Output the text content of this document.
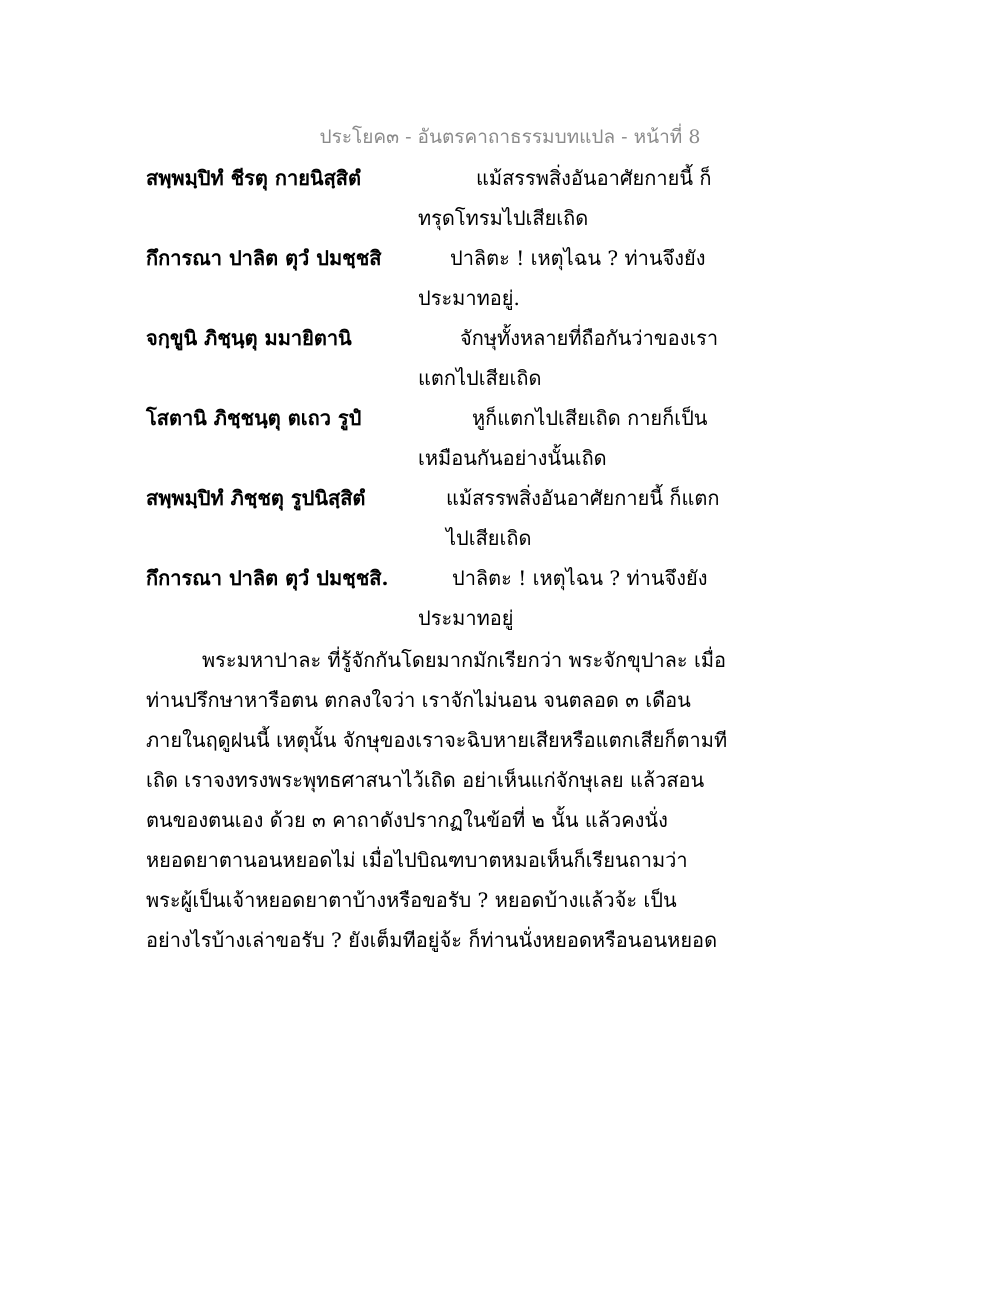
ประโยค๓ - อันตรคาถาธรรมบทแปล - หน้าที่ 8
สพฺพมฺปิทํ ชีรตุ กายนิสฺสิตํ	แม้สรรพสิ่งอันอาศัยกายนี้ ก็
ทรุดโทรมไปเสียเถิด
กึการณา ปาลิต ตุวํ ปมชฺชสิ	ปาลิตะ ! เหตุไฉน ? ท่านจึงยัง
ประมาทอยู่.
จกฺขูนิ ภิชฺนฺตุ มมายิตานิ	จักษุทั้งหลายที่ถือกันว่าของเรา
แตกไปเสียเถิด
โสตานิ ภิชฺชนฺตุ ตเถว รูปํ	หูก็แตกไปเสียเถิด กายก็เป็น
เหมือนกันอย่างนั้นเถิด
สพฺพมฺปิทํ ภิชฺชตุ รูปนิสฺสิตํ	แม้สรรพสิ่งอันอาศัยกายนี้ ก็แตก
ไปเสียเถิด
กึการณา ปาลิต ตุวํ ปมชฺชสิ.	ปาลิตะ ! เหตุไฉน ? ท่านจึงยัง
ประมาทอยู่
พระมหาปาละ ที่รู้จักกันโดยมากมักเรียกว่า พระจักขุปาละ เมื่อ
ท่านปรึกษาหารือตน ตกลงใจว่า เราจักไม่นอน จนตลอด ๓ เดือน
ภายในฤดูฝนนี้ เหตุนั้น จักษุของเราจะฉิบหายเสียหรือแตกเสียก็ตามที
เถิด เราจงทรงพระพุทธศาสนาไว้เถิด อย่าเห็นแก่จักษุเลย แล้วสอน
ตนของตนเอง ด้วย ๓ คาถาดังปรากฏในข้อที่ ๒ นั้น แล้วคงนั่ง
หยอดยาตานอนหยอดไม่ เมื่อไปบิณฑบาตหมอเห็นก็เรียนถามว่า
พระผู้เป็นเจ้าหยอดยาตาบ้างหรือขอรับ ? หยอดบ้างแล้วจ้ะ เป็น
อย่างไรบ้างเล่าขอรับ ? ยังเต็มทีอยู่จ้ะ ก็ท่านนั่งหยอดหรือนอนหยอด
